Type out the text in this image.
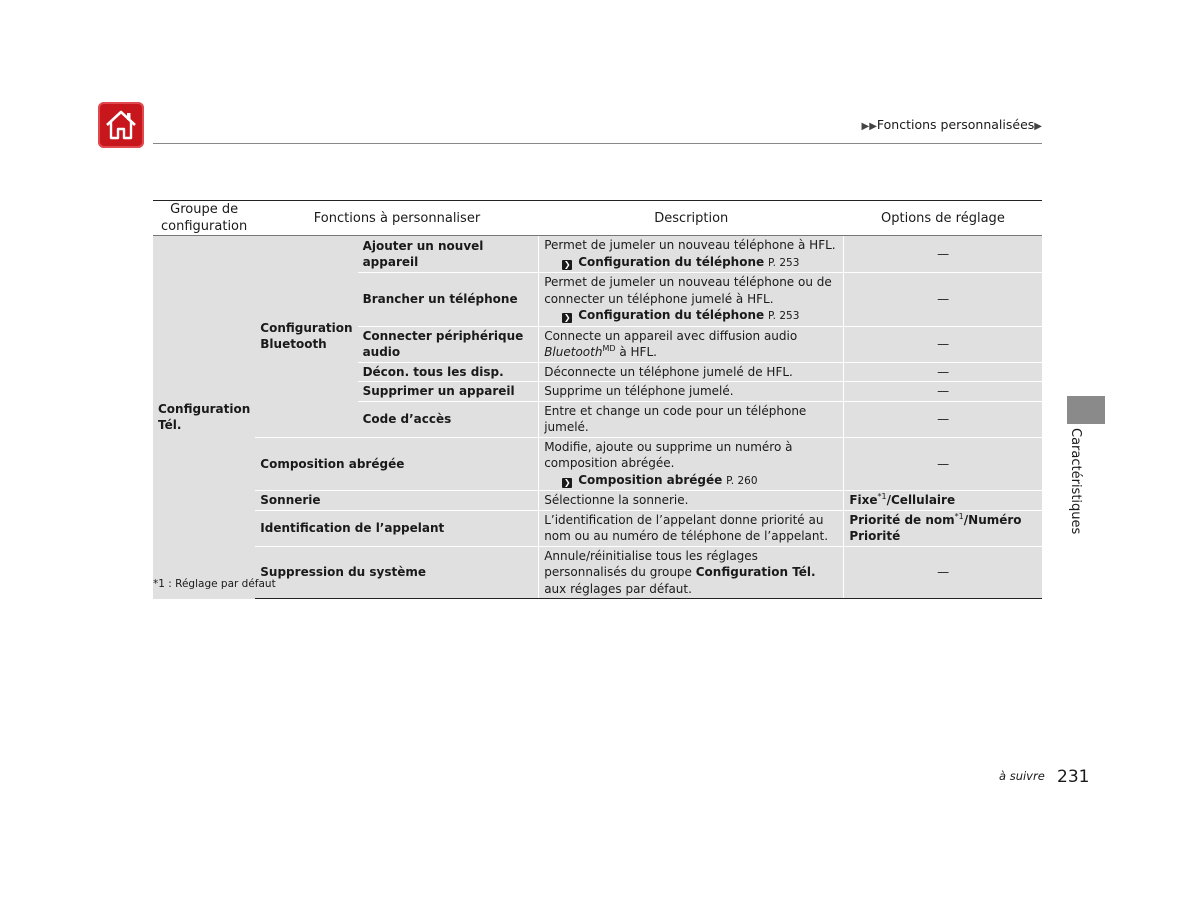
▶▶Fonctions personnalisées▶
Groupe de configuration	Fonctions à personnaliser		Description	Options de réglage
Configuration Tél.	Configuration Bluetooth	Ajouter un nouvel appareil	Permet de jumeler un nouveau téléphone à HFL.
❯ Configuration du téléphone P. 253	—
		Brancher un téléphone	Permet de jumeler un nouveau téléphone ou de connecter un téléphone jumelé à HFL.
❯ Configuration du téléphone P. 253	—
		Connecter périphérique audio	Connecte un appareil avec diffusion audio
Bluetooth$^{MD}$ à HFL.	—
		Décon. tous les disp.	Déconnecte un téléphone jumelé de HFL.	—
		Supprimer un appareil	Supprime un téléphone jumelé.	—
		Code d’accès	Entre et change un code pour un téléphone jumelé.	—
	Composition abrégée		Modifie, ajoute ou supprime un numéro à composition abrégée.
❯ Composition abrégée P. 260	—
	Sonnerie		Sélectionne la sonnerie.	Fixe$^{*1}$/Cellulaire
	Identification de l’appelant		L’identification de l’appelant donne priorité au nom ou au numéro de téléphone de l’appelant.	Priorité de nom$^{*1}$/Numéro Priorité
	Suppression du système		Annule/réinitialise tous les réglages personnalisés du groupe Configuration Tél. aux réglages par défaut.	—
*1 : Réglage par défaut
Caractéristiques
à suivre 231
